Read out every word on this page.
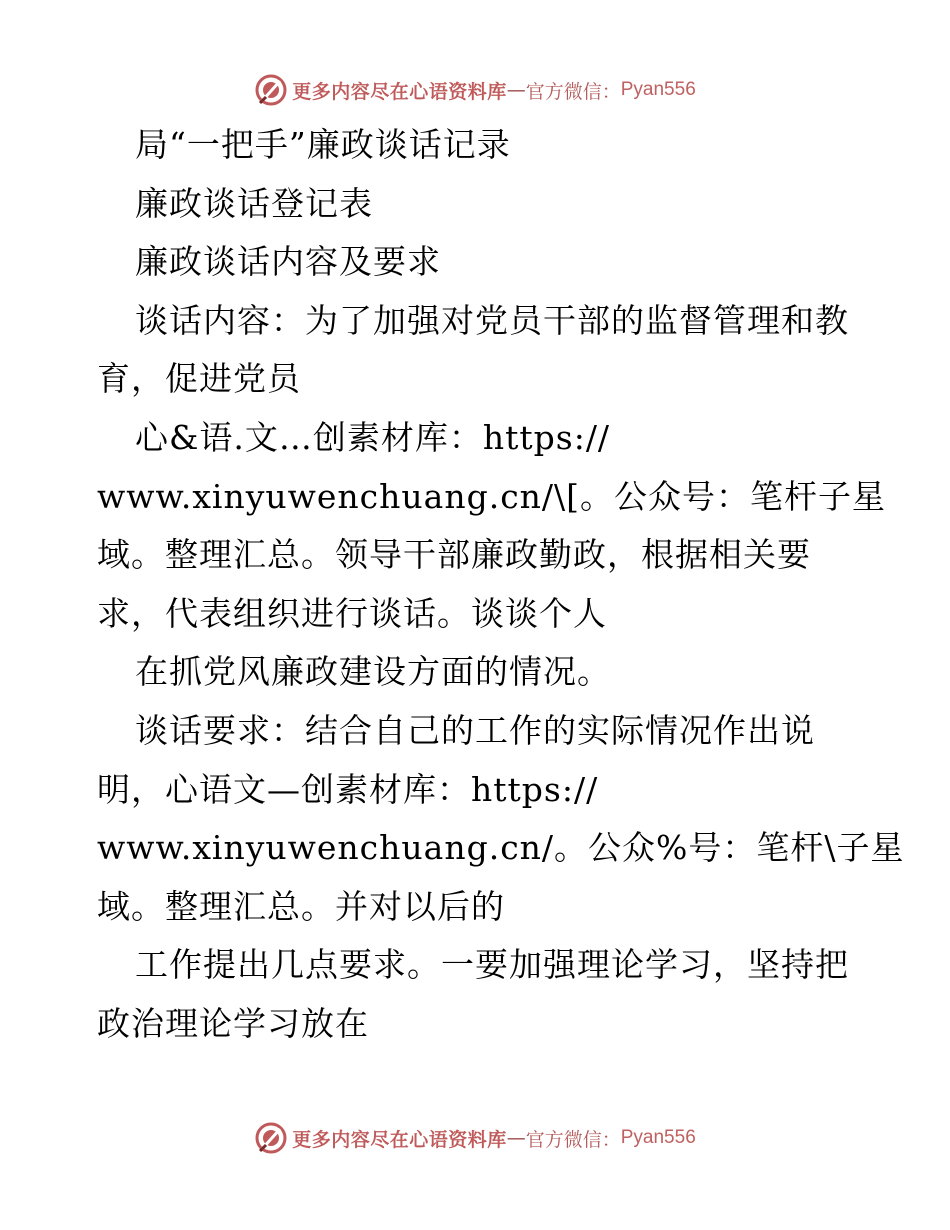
更多内容尽在心语资料库 — 官方微信： Pyan556
局“一把手”廉政谈话记录
廉政谈话登记表
廉政谈话内容及要求
谈话内容：为了加强对党员干部的监督管理和教
育，促进党员
心&语.文…创素材库：https://
www.xinyuwenchuang.cn/\[。公众号：笔杆子星
域。整理汇总。领导干部廉政勤政，根据相关要
求，代表组织进行谈话。谈谈个人
在抓党风廉政建设方面的情况。
谈话要求：结合自己的工作的实际情况作出说
明，心语文—创素材库：https://
www.xinyuwenchuang.cn/。公众%号：笔杆\子星
域。整理汇总。并对以后的
工作提出几点要求。一要加强理论学习，坚持把
政治理论学习放在
更多内容尽在心语资料库 — 官方微信： Pyan556
